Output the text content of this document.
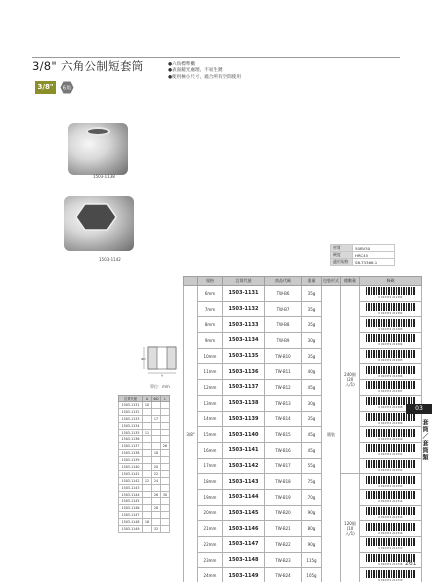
3/8" 六角公制短套筒
3/8"	6角
●六角標準橢
●表面鏡光處理、不易生銹
●使用極小尺寸，適合所有空間使用
1503-1138
1503-1142
材質	50BV30
硬度	HRC45
適用規格	SB-T3366.1
	規格	訂貨代號	商品代碼	重量	包裝形式	總數量	條碼
3/8"	6mm	1503-1131	TW-B6	35g	簡裝	240個
(20入/1)	6 912372 211301

	7mm	1503-1132	TW-B7	35g			6 912372 211302

	8mm	1503-1133	TW-B8	35g			6 912372 211303

	9mm	1503-1134	TW-B9	30g			6 912372 211304

	10mm	1503-1135	TW-B10	35g			6 912372 211305

	11mm	1503-1136	TW-B11	40g			6 912372 211306

	12mm	1503-1137	TW-B12	45g			6 912372 211307

	13mm	1503-1138	TW-B13	30g			6 912372 211308

	14mm	1503-1139	TW-B14	35g			6 912372 211309

	15mm	1503-1140	TW-B15	45g			6 912372 211310

	16mm	1503-1141	TW-B16	45g			6 912372 211311

	17mm	1503-1142	TW-B17	55g			6 912372 211312

	18mm	1503-1143	TW-B18	75g		120個
(10入/1)	6 912372 211313

	19mm	1503-1144	TW-B19	70g			6 912372 211314

	20mm	1503-1145	TW-B20	90g			6 912372 211315

	21mm	1503-1146	TW-B21	80g			6 912372 211316

	22mm	1503-1147	TW-B22	90g			6 912372 211317

	23mm	1503-1148	TW-B23	115g			6 912372 211318

	24mm	1503-1149	TW-B24	105g			6 912372 211319
ΦD
A
單位：mm
訂貨代號	A	ΦD	L
1503-1131	10		
1503-1132			
1503-1133		17	
1503-1134			
1503-1135	11		
1503-1136			
1503-1137			26
1503-1138		18	
1503-1139			
1503-1140		20	
1503-1141		22	
1503-1142	12	24	
1503-1143			
1503-1144		26	30
1503-1145			
1503-1146		28	
1503-1147			
1503-1148	16		
1503-1149		32	
03
套筒／套筒類
261
